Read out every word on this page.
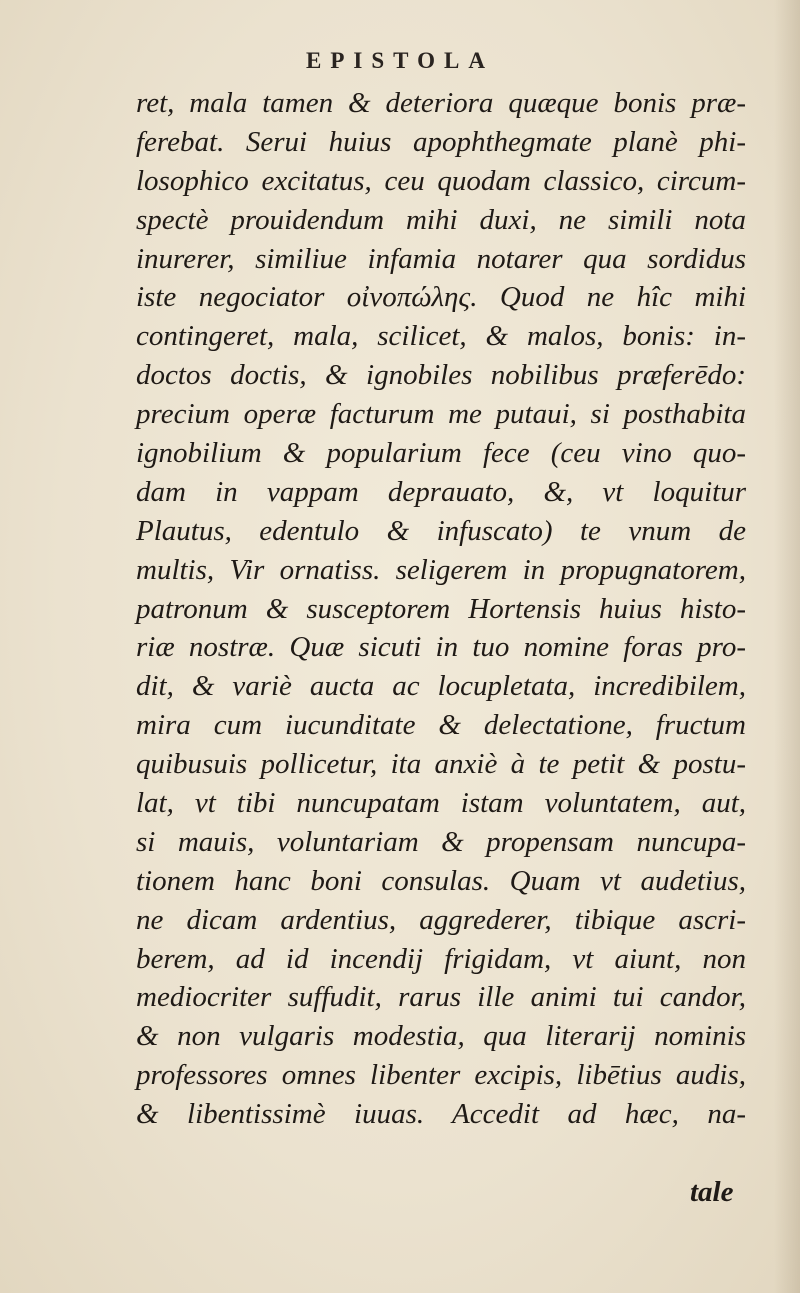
EPISTOLA
ret, mala tamen & deteriora quæque bonis præ-
ferebat. Serui huius apophthegmate planè phi-
losophico excitatus, ceu quodam classico, circum-
spectè prouidendum mihi duxi, ne simili nota
inurerer, similiue infamia notarer qua sordidus
iste negociator οἰνοπώλης. Quod ne hîc mihi
contingeret, mala, scilicet, & malos, bonis: in-
doctos doctis, & ignobiles nobilibus præferēdo:
precium operæ facturum me putaui, si posthabita
ignobilium & popularium fece (ceu vino quo-
dam in vappam deprauato, &, vt loquitur
Plautus, edentulo & infuscato) te vnum de
multis, Vir ornatiss. seligerem in propugnatorem,
patronum & susceptorem Hortensis huius histo-
riæ nostræ. Quæ sicuti in tuo nomine foras pro-
dit, & variè aucta ac locupletata, incredibilem,
mira cum iucunditate & delectatione, fructum
quibusuis pollicetur, ita anxiè à te petit & postu-
lat, vt tibi nuncupatam istam voluntatem, aut,
si mauis, voluntariam & propensam nuncupa-
tionem hanc boni consulas. Quam vt audetius,
ne dicam ardentius, aggrederer, tibique ascri-
berem, ad id incendij frigidam, vt aiunt, non
mediocriter suffudit, rarus ille animi tui candor,
& non vulgaris modestia, qua literarij nominis
professores omnes libenter excipis, libētius audis,
& libentissimè iuuas. Accedit ad hæc, na-
tale
